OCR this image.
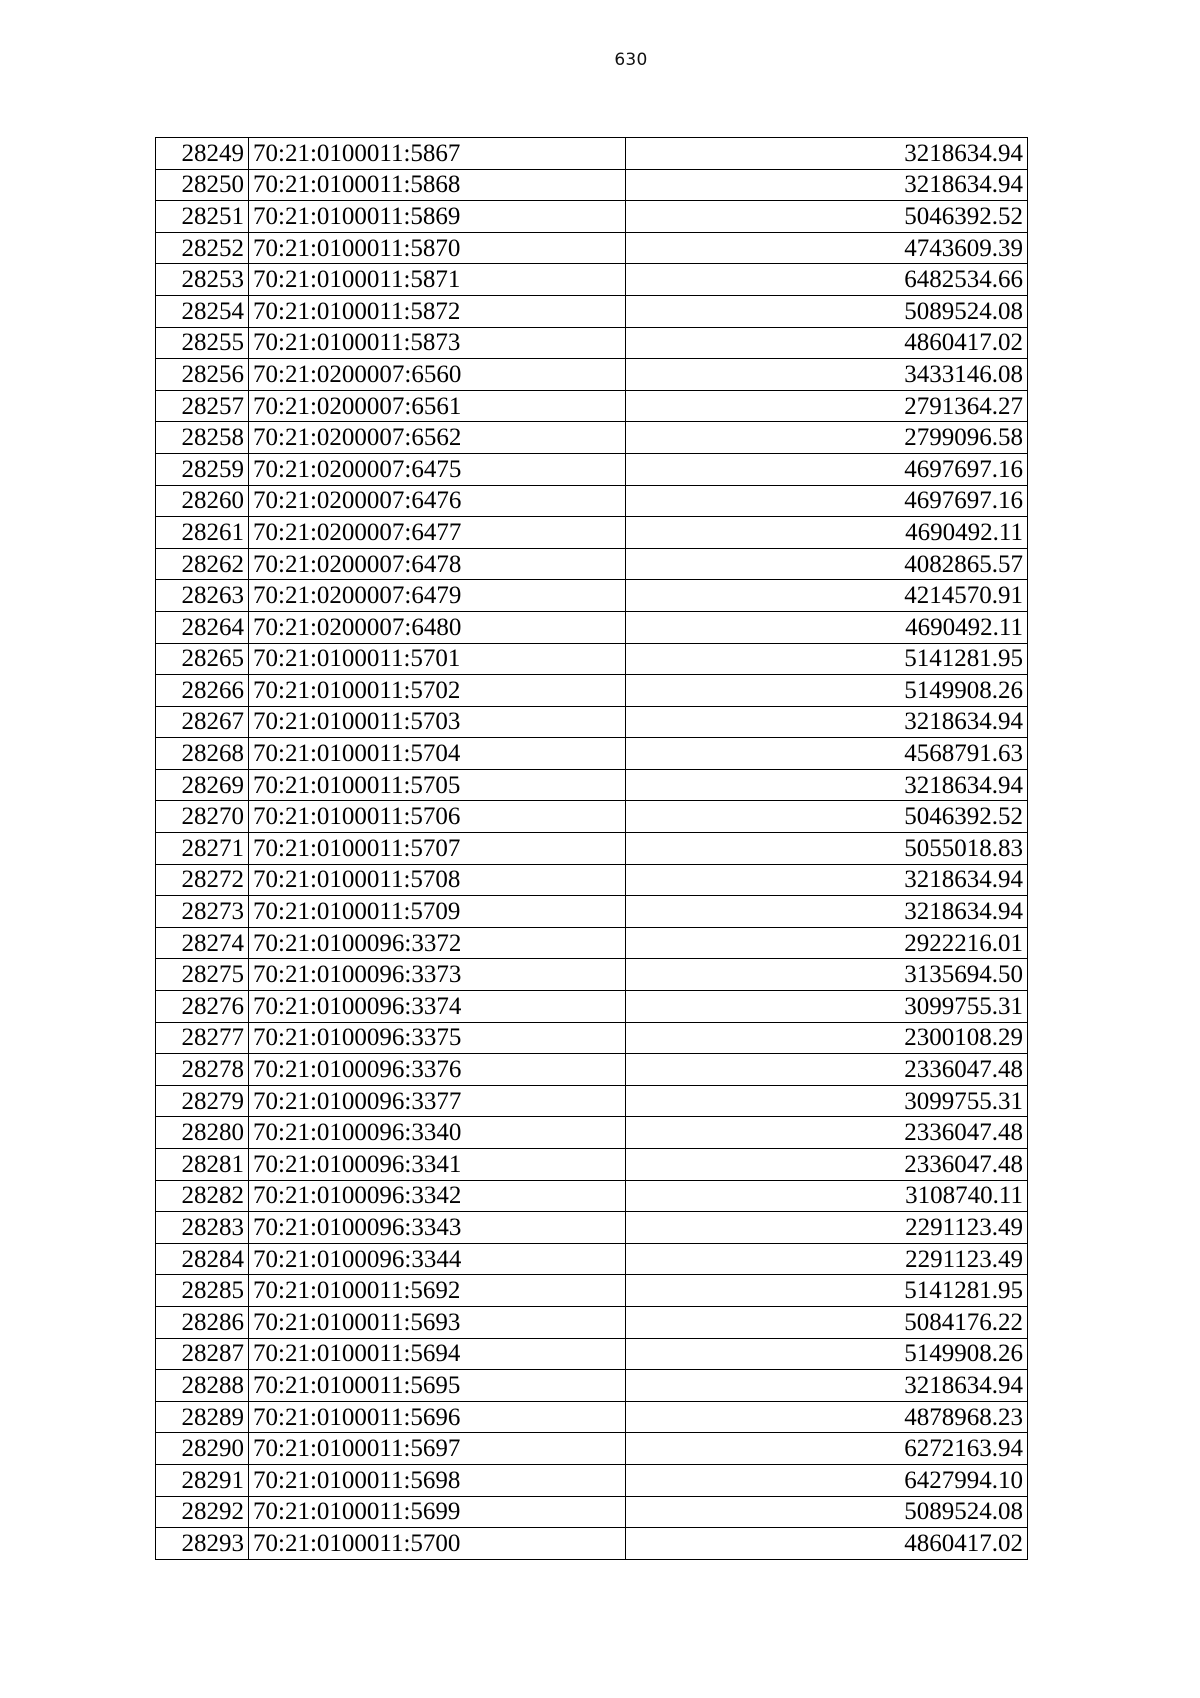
630
28249	70:21:0100011:5867	3218634.94
28250	70:21:0100011:5868	3218634.94
28251	70:21:0100011:5869	5046392.52
28252	70:21:0100011:5870	4743609.39
28253	70:21:0100011:5871	6482534.66
28254	70:21:0100011:5872	5089524.08
28255	70:21:0100011:5873	4860417.02
28256	70:21:0200007:6560	3433146.08
28257	70:21:0200007:6561	2791364.27
28258	70:21:0200007:6562	2799096.58
28259	70:21:0200007:6475	4697697.16
28260	70:21:0200007:6476	4697697.16
28261	70:21:0200007:6477	4690492.11
28262	70:21:0200007:6478	4082865.57
28263	70:21:0200007:6479	4214570.91
28264	70:21:0200007:6480	4690492.11
28265	70:21:0100011:5701	5141281.95
28266	70:21:0100011:5702	5149908.26
28267	70:21:0100011:5703	3218634.94
28268	70:21:0100011:5704	4568791.63
28269	70:21:0100011:5705	3218634.94
28270	70:21:0100011:5706	5046392.52
28271	70:21:0100011:5707	5055018.83
28272	70:21:0100011:5708	3218634.94
28273	70:21:0100011:5709	3218634.94
28274	70:21:0100096:3372	2922216.01
28275	70:21:0100096:3373	3135694.50
28276	70:21:0100096:3374	3099755.31
28277	70:21:0100096:3375	2300108.29
28278	70:21:0100096:3376	2336047.48
28279	70:21:0100096:3377	3099755.31
28280	70:21:0100096:3340	2336047.48
28281	70:21:0100096:3341	2336047.48
28282	70:21:0100096:3342	3108740.11
28283	70:21:0100096:3343	2291123.49
28284	70:21:0100096:3344	2291123.49
28285	70:21:0100011:5692	5141281.95
28286	70:21:0100011:5693	5084176.22
28287	70:21:0100011:5694	5149908.26
28288	70:21:0100011:5695	3218634.94
28289	70:21:0100011:5696	4878968.23
28290	70:21:0100011:5697	6272163.94
28291	70:21:0100011:5698	6427994.10
28292	70:21:0100011:5699	5089524.08
28293	70:21:0100011:5700	4860417.02
